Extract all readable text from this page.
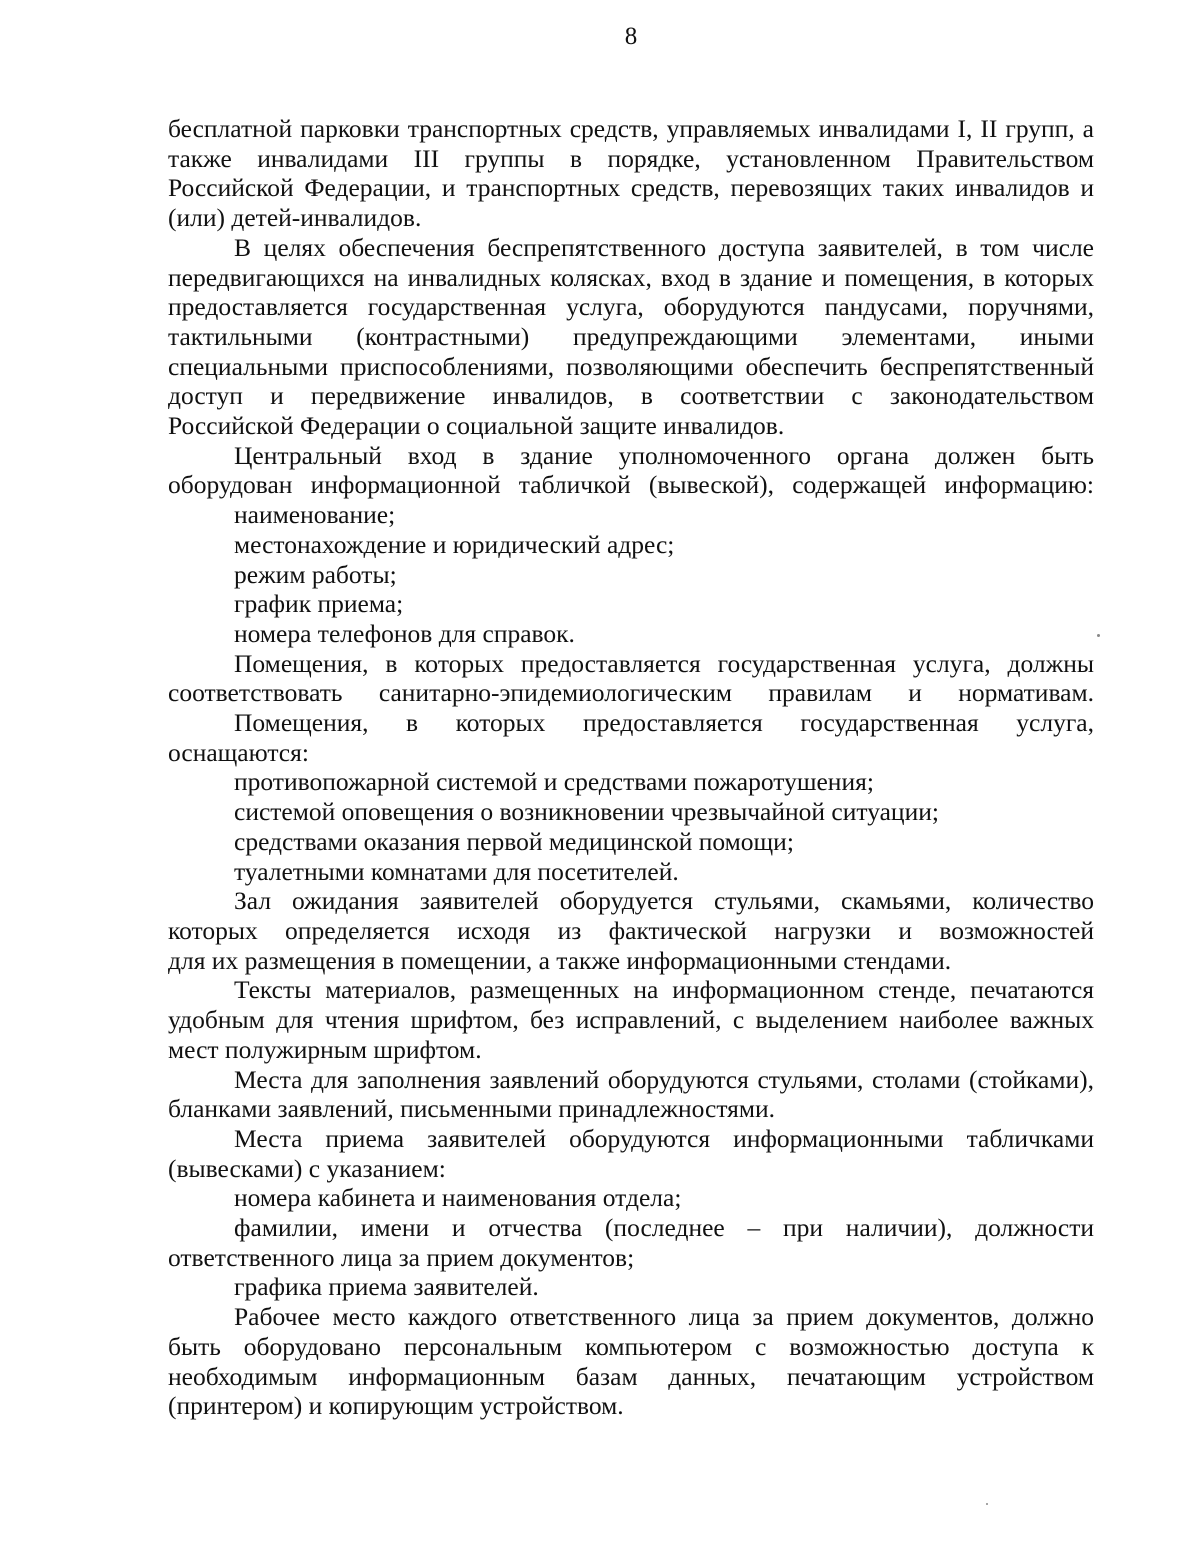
8

бесплатной парковки транспортных средств, управляемых инвалидами I, II групп, а

также инвалидами III группы в порядке, установленном Правительством

Российской Федерации, и транспортных средств, перевозящих таких инвалидов и

(или) детей-инвалидов.

В целях обеспечения беспрепятственного доступа заявителей, в том числе

передвигающихся на инвалидных колясках, вход в здание и помещения, в которых

предоставляется государственная услуга, оборудуются пандусами, поручнями,

тактильными (контрастными) предупреждающими элементами, иными

специальными приспособлениями, позволяющими обеспечить беспрепятственный

доступ и передвижение инвалидов, в соответствии с законодательством

Российской Федерации о социальной защите инвалидов.

Центральный вход в здание уполномоченного органа должен быть

оборудован информационной табличкой (вывеской), содержащей информацию:

наименование;

местонахождение и юридический адрес;

режим работы;

график приема;

номера телефонов для справок.

Помещения, в которых предоставляется государственная услуга, должны

соответствовать санитарно-эпидемиологическим правилам и нормативам.

Помещения, в которых предоставляется государственная услуга,

оснащаются:

противопожарной системой и средствами пожаротушения;

системой оповещения о возникновении чрезвычайной ситуации;

средствами оказания первой медицинской помощи;

туалетными комнатами для посетителей.

Зал ожидания заявителей оборудуется стульями, скамьями, количество

которых определяется исходя из фактической нагрузки и возможностей

для их размещения в помещении, а также информационными стендами.

Тексты материалов, размещенных на информационном стенде, печатаются

удобным для чтения шрифтом, без исправлений, с выделением наиболее важных

мест полужирным шрифтом.

Места для заполнения заявлений оборудуются стульями, столами (стойками),

бланками заявлений, письменными принадлежностями.

Места приема заявителей оборудуются информационными табличками

(вывесками) с указанием:

номера кабинета и наименования отдела;

фамилии, имени и отчества (последнее – при наличии), должности

ответственного лица за прием документов;

графика приема заявителей.

Рабочее место каждого ответственного лица за прием документов, должно

быть оборудовано персональным компьютером с возможностью доступа к

необходимым информационным базам данных, печатающим устройством

(принтером) и копирующим устройством.
